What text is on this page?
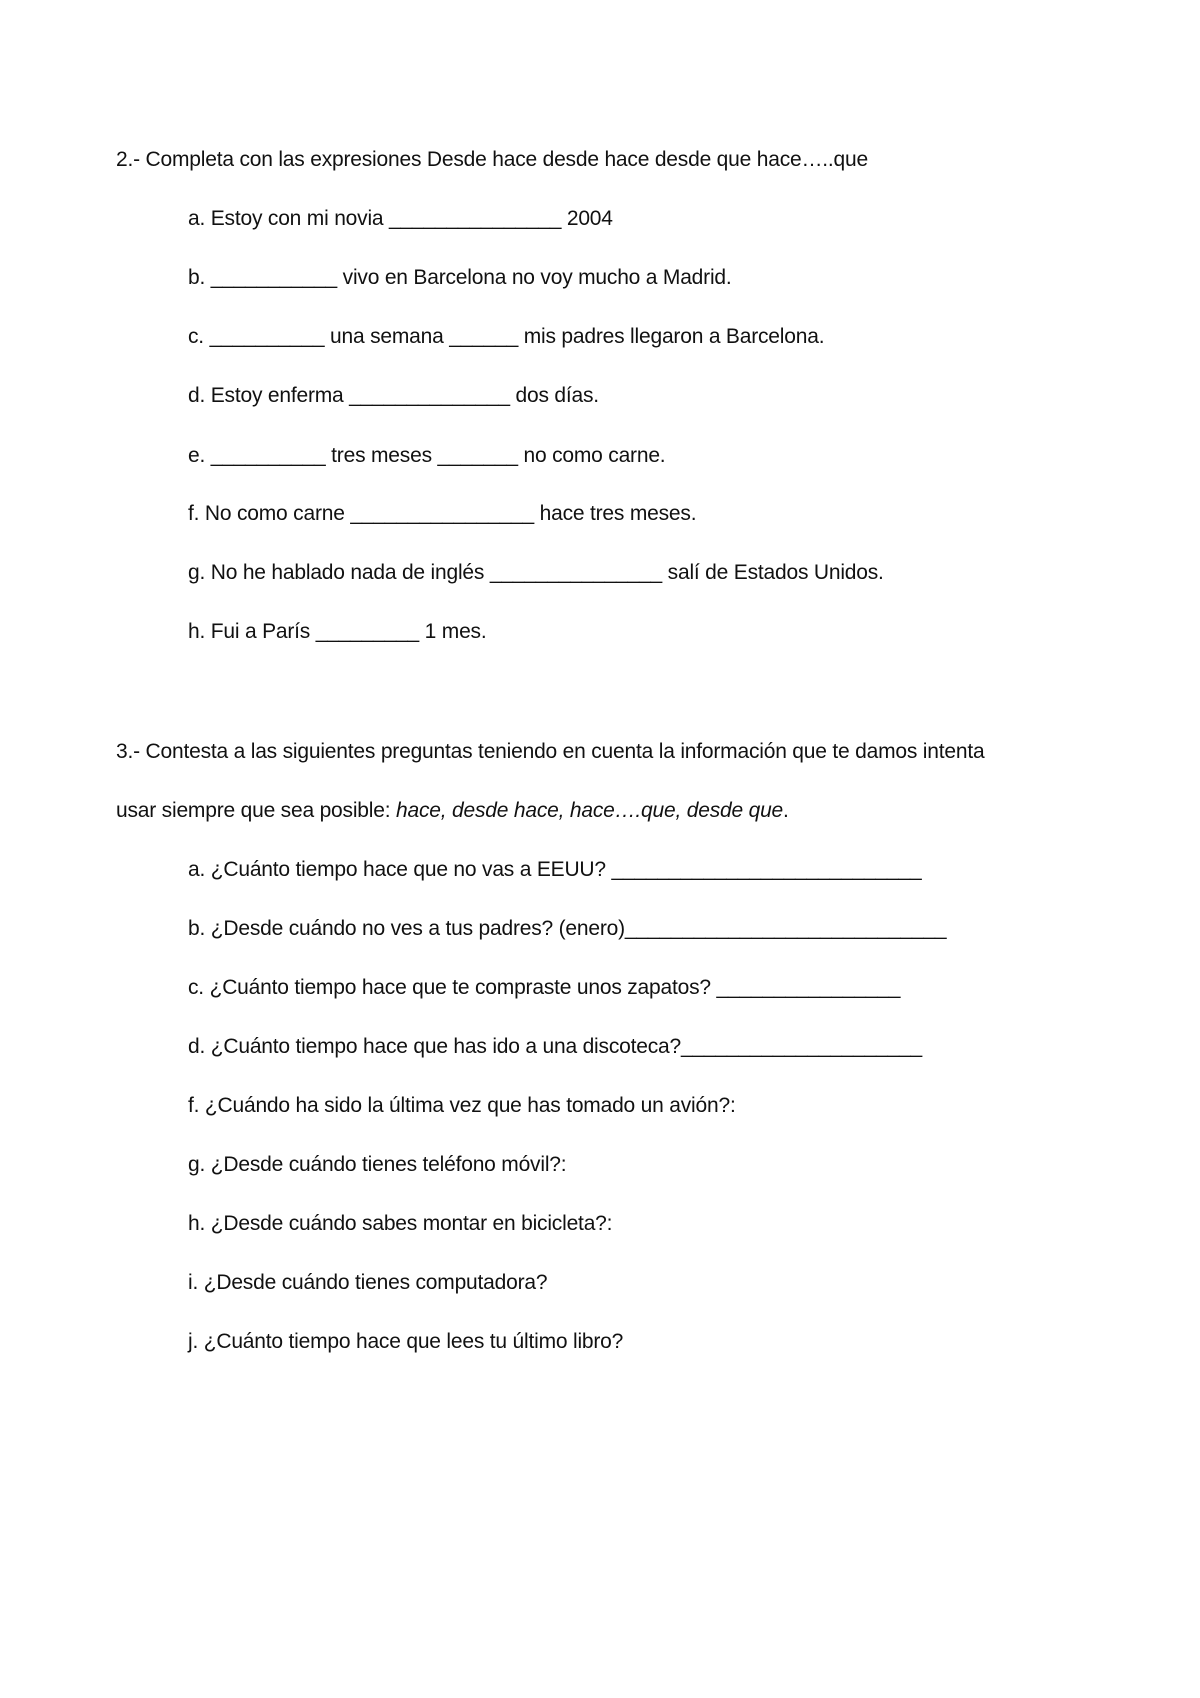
2.- Completa con las expresiones Desde hace desde hace desde que hace…..que
a. Estoy con mi novia _______________ 2004
b. ___________ vivo en Barcelona no voy mucho a Madrid.
c. __________ una semana ______ mis padres llegaron a Barcelona.
d. Estoy enferma ______________ dos días.
e. __________ tres meses _______ no como carne.
f. No como carne ________________ hace tres meses.
g. No he hablado nada de inglés _______________ salí de Estados Unidos.
h. Fui a París _________ 1 mes.
3.- Contesta a las siguientes preguntas teniendo en cuenta la información que te damos intenta
usar siempre que sea posible: hace, desde hace, hace….que, desde que.
a. ¿Cuánto tiempo hace que no vas a EEUU? ___________________________
b. ¿Desde cuándo no ves a tus padres? (enero)____________________________
c. ¿Cuánto tiempo hace que te compraste unos zapatos? ________________
d. ¿Cuánto tiempo hace que has ido a una discoteca?_____________________
f. ¿Cuándo ha sido la última vez que has tomado un avión?:
g. ¿Desde cuándo tienes teléfono móvil?:
h. ¿Desde cuándo sabes montar en bicicleta?:
i. ¿Desde cuándo tienes computadora?
j. ¿Cuánto tiempo hace que lees tu último libro?
